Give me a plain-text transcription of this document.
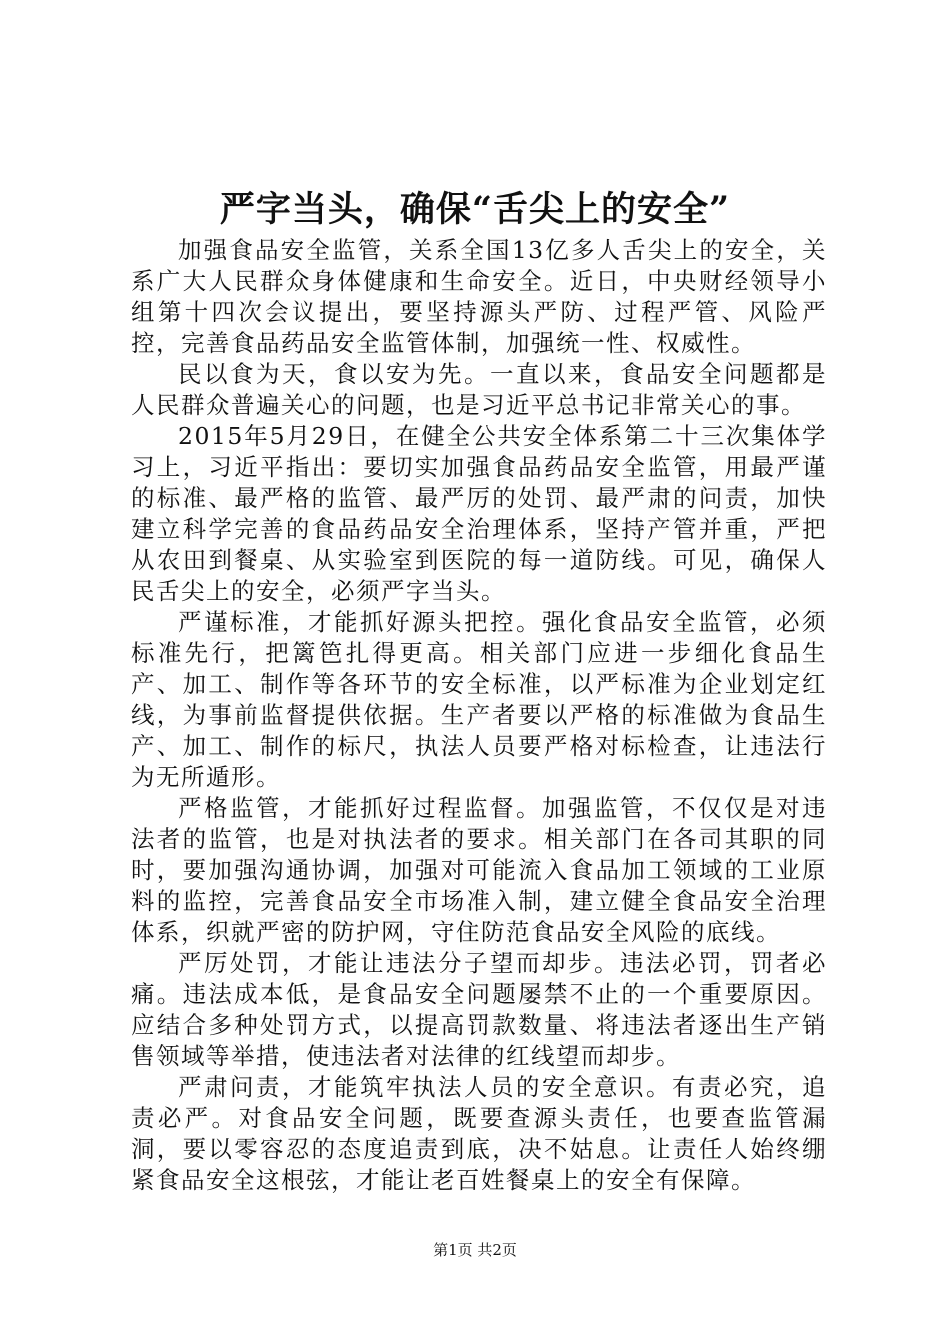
严字当头，确保“舌尖上的安全”

加强食品安全监管，关系全国13亿多人舌尖上的安全，关系广大人民群众身体健康和生命安全。近日，中央财经领导小组第十四次会议提出，要坚持源头严防、过程严管、风险严控，完善食品药品安全监管体制，加强统一性、权威性。

民以食为天，食以安为先。一直以来，食品安全问题都是人民群众普遍关心的问题，也是习近平总书记非常关心的事。

2015年5月29日，在健全公共安全体系第二十三次集体学习上，习近平指出：要切实加强食品药品安全监管，用最严谨的标准、最严格的监管、最严厉的处罚、最严肃的问责，加快建立科学完善的食品药品安全治理体系，坚持产管并重，严把从农田到餐桌、从实验室到医院的每一道防线。可见，确保人民舌尖上的安全，必须严字当头。

严谨标准，才能抓好源头把控。强化食品安全监管，必须标准先行，把篱笆扎得更高。相关部门应进一步细化食品生产、加工、制作等各环节的安全标准，以严标准为企业划定红线，为事前监督提供依据。生产者要以严格的标准做为食品生产、加工、制作的标尺，执法人员要严格对标检查，让违法行为无所遁形。

严格监管，才能抓好过程监督。加强监管，不仅仅是对违法者的监管，也是对执法者的要求。相关部门在各司其职的同时，要加强沟通协调，加强对可能流入食品加工领域的工业原料的监控，完善食品安全市场准入制，建立健全食品安全治理体系，织就严密的防护网，守住防范食品安全风险的底线。

严厉处罚，才能让违法分子望而却步。违法必罚，罚者必痛。违法成本低，是食品安全问题屡禁不止的一个重要原因。应结合多种处罚方式，以提高罚款数量、将违法者逐出生产销售领域等举措，使违法者对法律的红线望而却步。

严肃问责，才能筑牢执法人员的安全意识。有责必究，追责必严。对食品安全问题，既要查源头责任，也要查监管漏洞，要以零容忍的态度追责到底，决不姑息。让责任人始终绷紧食品安全这根弦，才能让老百姓餐桌上的安全有保障。

第1页 共2页
